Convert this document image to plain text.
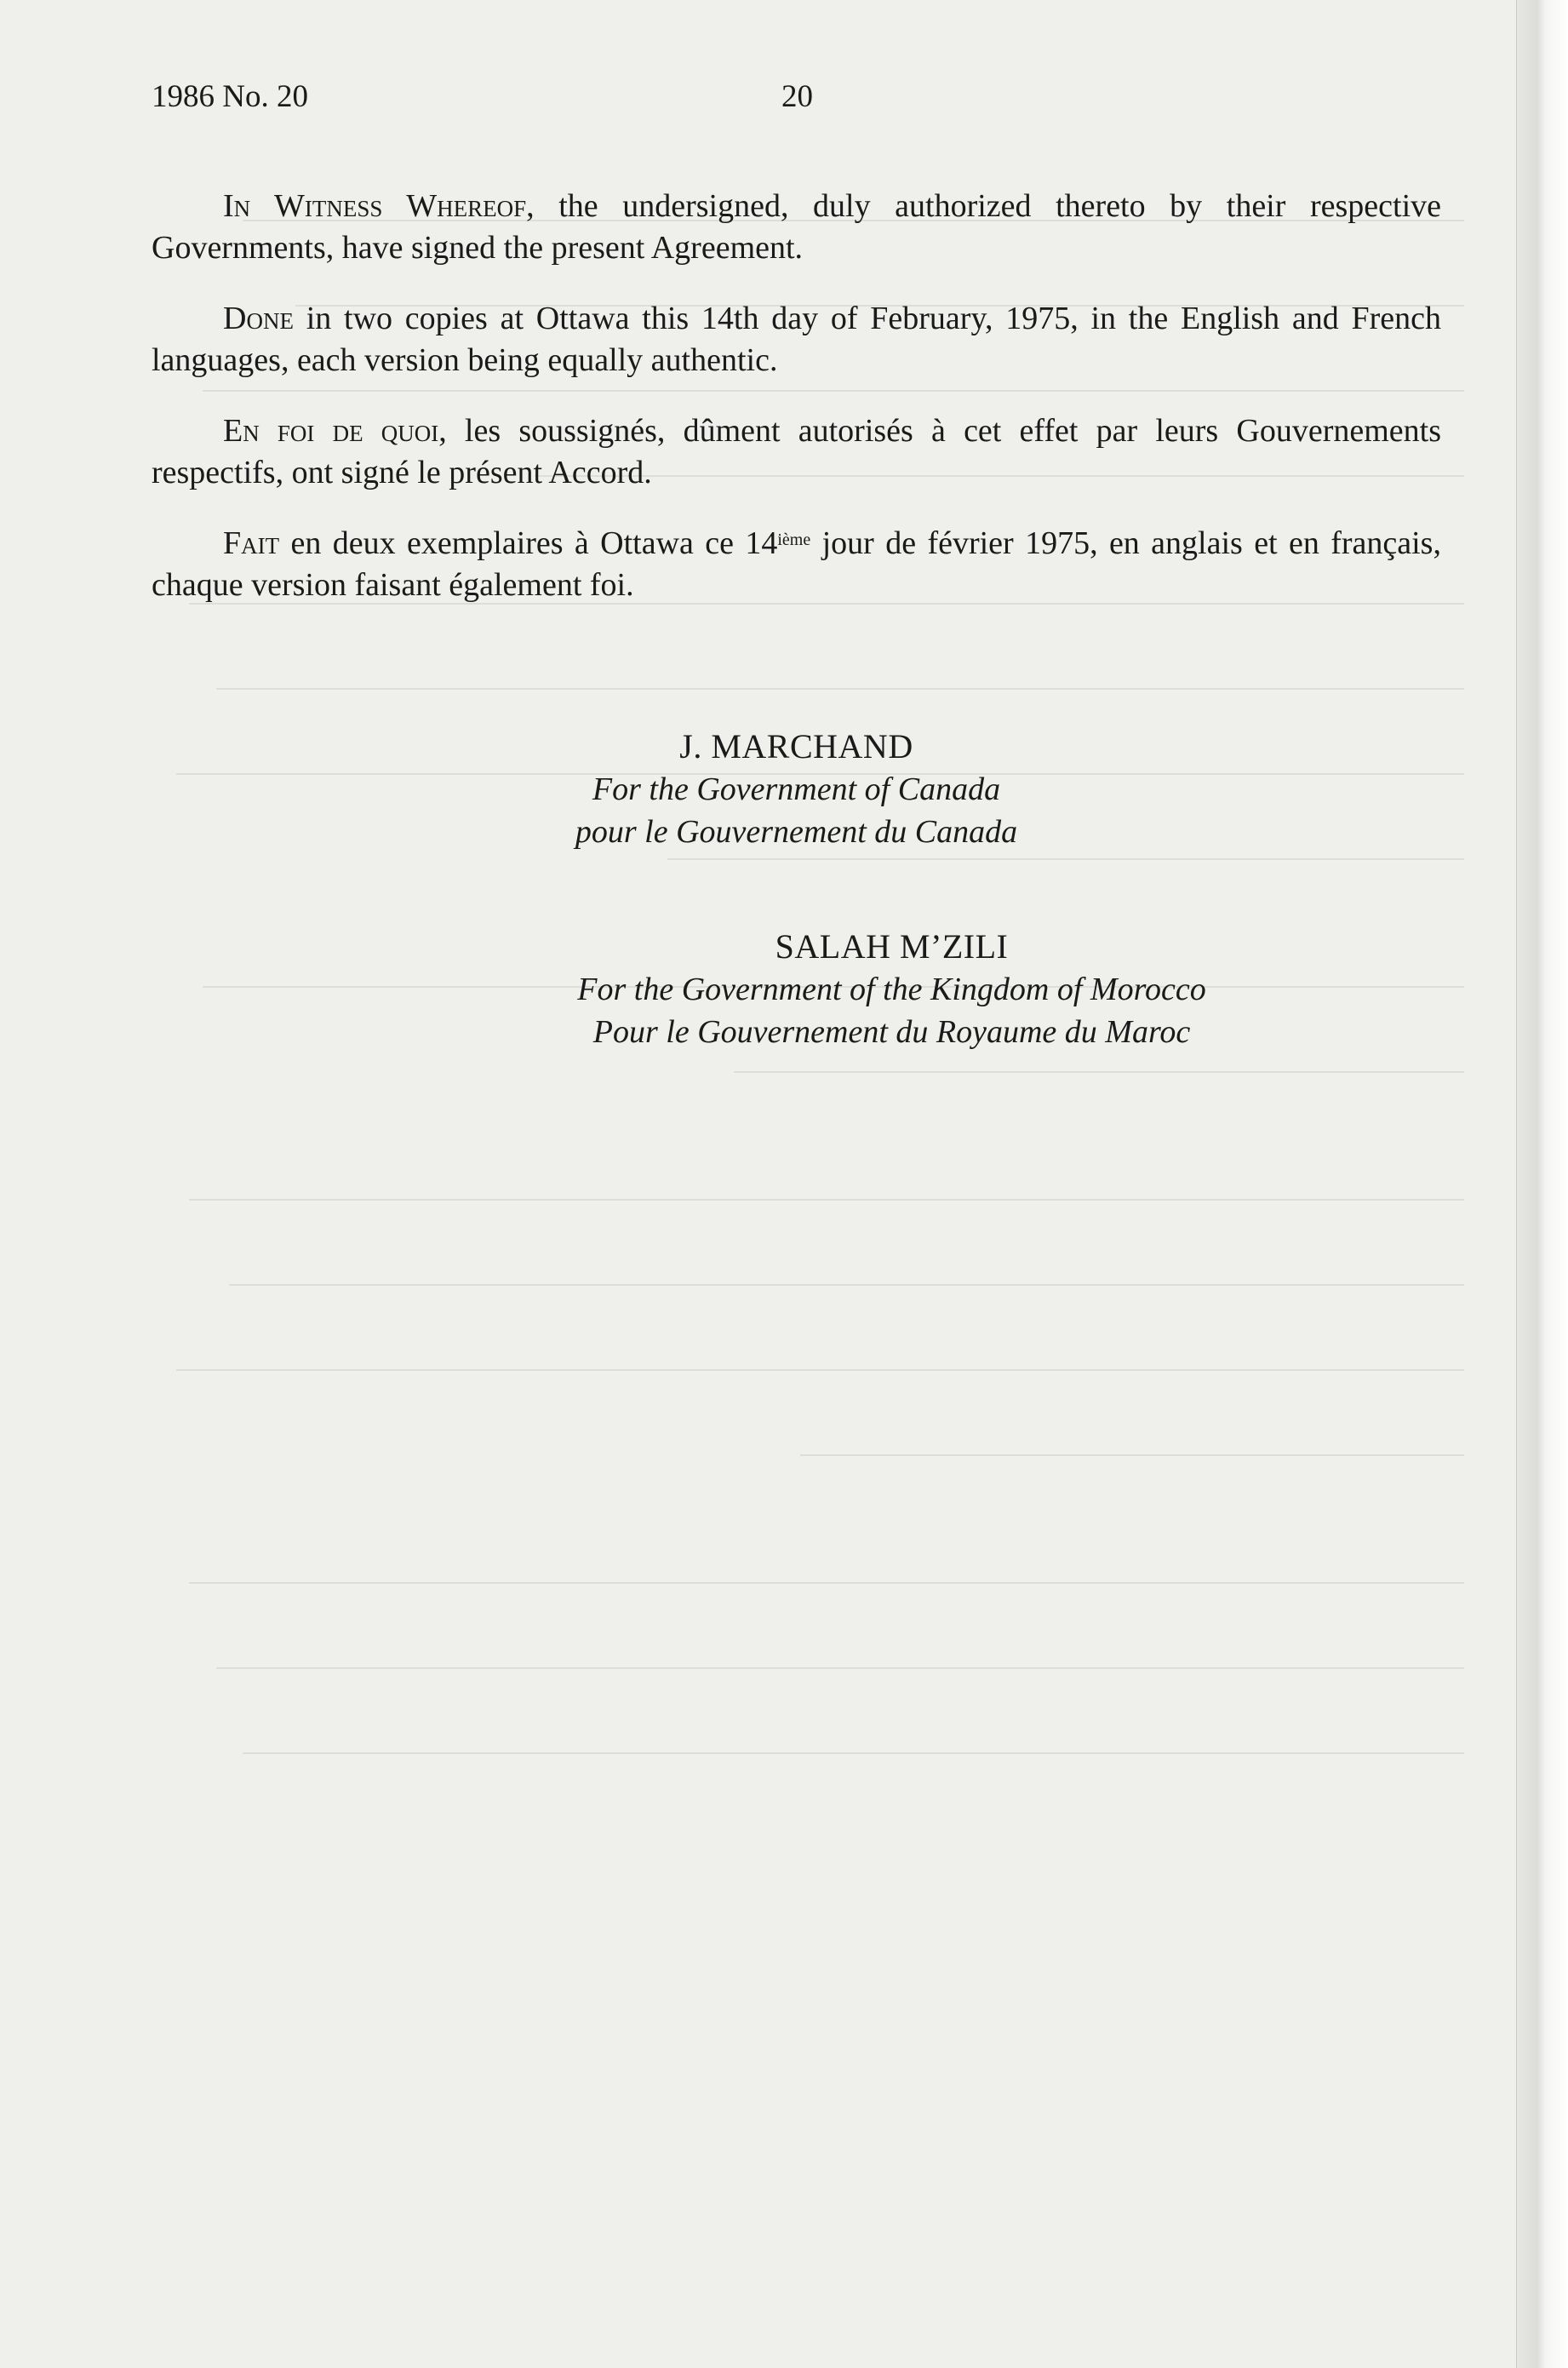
1986 No. 20	20

In Witness Whereof, the undersigned, duly authorized thereto by their respective Governments, have signed the present Agreement.

Done in two copies at Ottawa this 14th day of February, 1975, in the English and French languages, each version being equally authentic.

En foi de quoi, les soussignés, dûment autorisés à cet effet par leurs Gouvernements respectifs, ont signé le présent Accord.

Fait en deux exemplaires à Ottawa ce 14ième jour de février 1975, en anglais et en français, chaque version faisant également foi.

J. MARCHAND
For the Government of Canada
pour le Gouvernement du Canada
SALAH M’ZILI
For the Government of the Kingdom of Morocco
Pour le Gouvernement du Royaume du Maroc
